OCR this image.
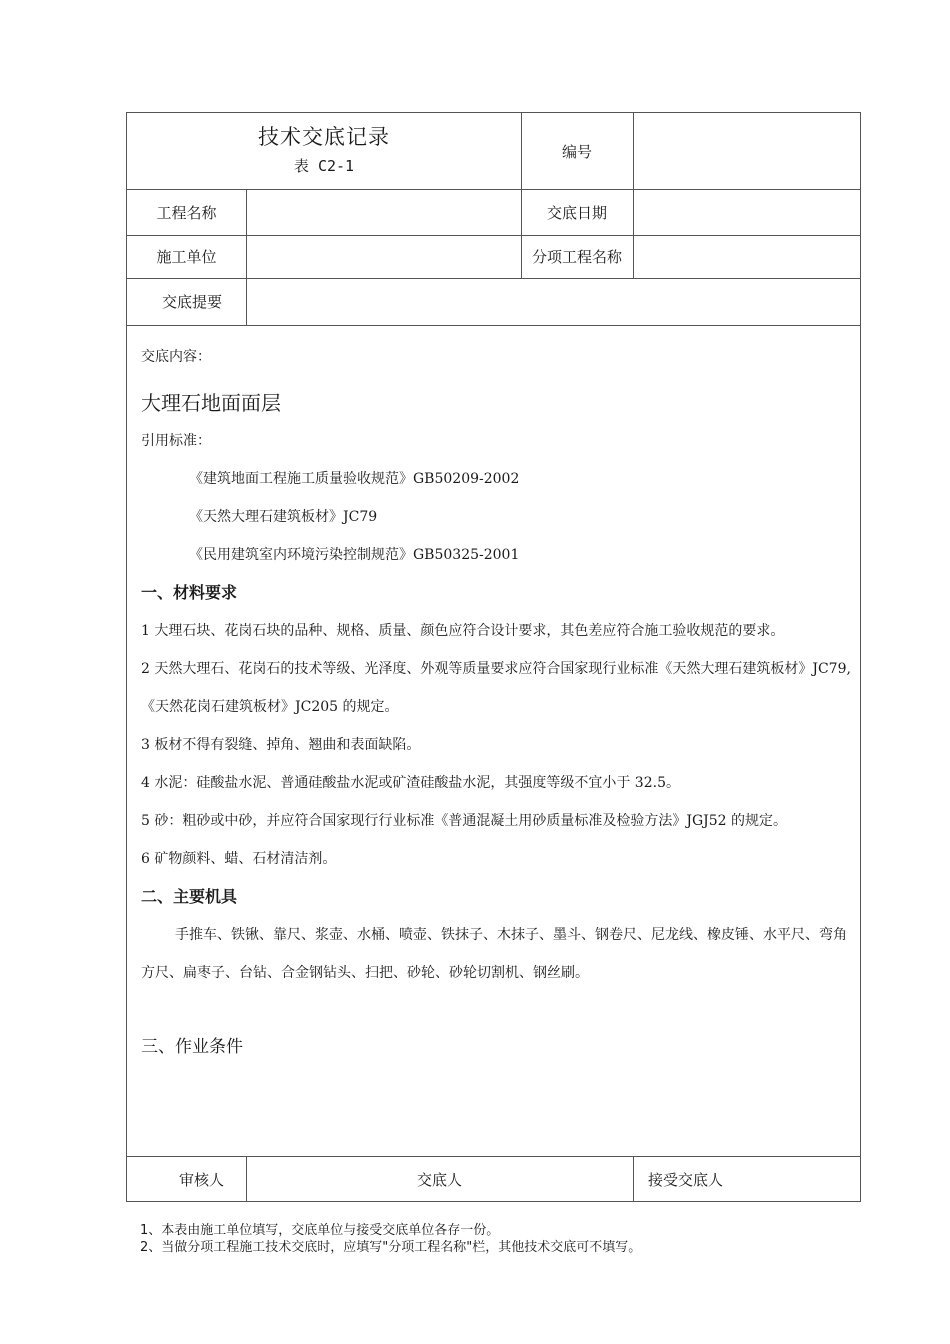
技术交底记录
表 C2-1
编号
工程名称	交底日期
施工单位	分项工程名称
交底提要

交底内容：

大理石地面面层

引用标准：

《建筑地面工程施工质量验收规范》GB50209-2002

《天然大理石建筑板材》JC79

《民用建筑室内环境污染控制规范》GB50325-2001

一、材料要求

1 大理石块、花岗石块的品种、规格、质量、颜色应符合设计要求，其色差应符合施工验收规范的要求。

2 天然大理石、花岗石的技术等级、光泽度、外观等质量要求应符合国家现行业标准《天然大理石建筑板材》JC79,《天然花岗石建筑板材》JC205 的规定。

3 板材不得有裂缝、掉角、翘曲和表面缺陷。

4 水泥：硅酸盐水泥、普通硅酸盐水泥或矿渣硅酸盐水泥，其强度等级不宜小于 32.5。

5 砂：粗砂或中砂，并应符合国家现行行业标准《普通混凝土用砂质量标准及检验方法》JGJ52 的规定。

6 矿物颜料、蜡、石材清洁剂。

二、主要机具

手推车、铁锹、靠尺、浆壶、水桶、喷壶、铁抹子、木抹子、墨斗、钢卷尺、尼龙线、橡皮锤、水平尺、弯角方尺、扁枣子、台钻、合金钢钻头、扫把、砂轮、砂轮切割机、钢丝刷。

三、作业条件

审核人	交底人	接受交底人

1、本表由施工单位填写，交底单位与接受交底单位各存一份。

2、当做分项工程施工技术交底时，应填写"分项工程名称"栏，其他技术交底可不填写。
